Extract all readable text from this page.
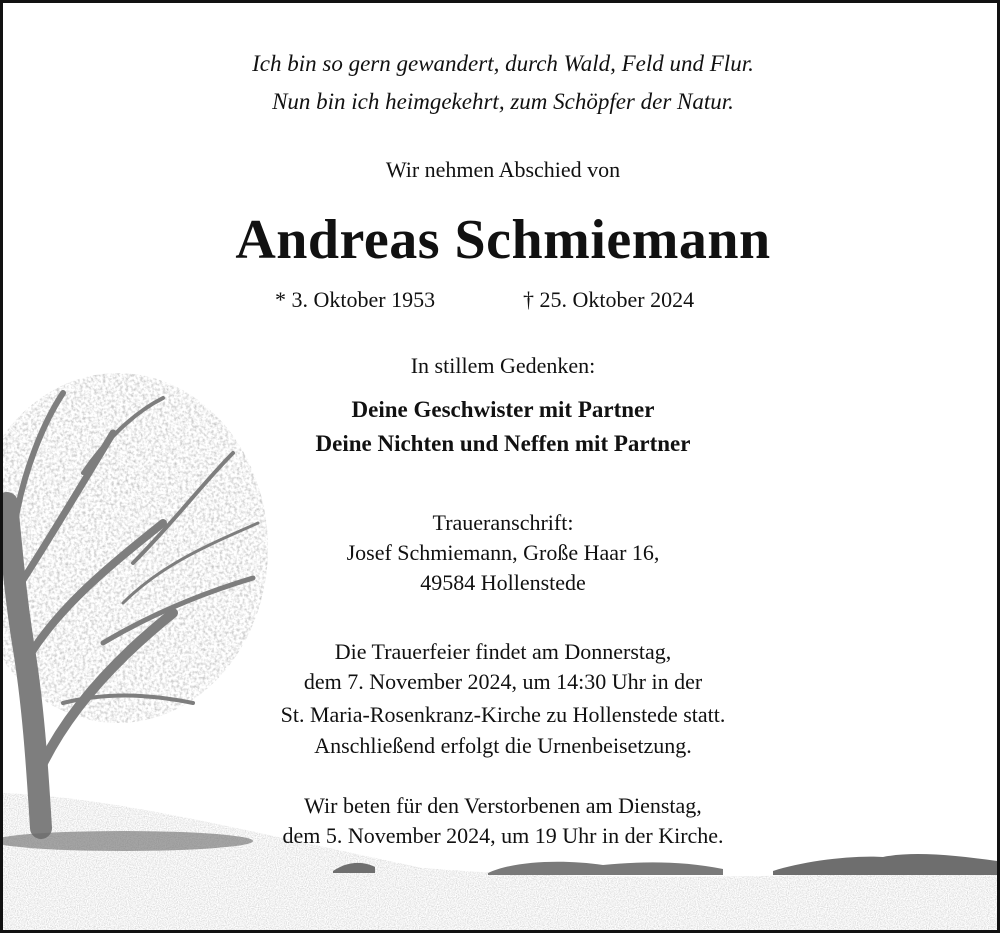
Ich bin so gern gewandert, durch Wald, Feld und Flur.
Nun bin ich heimgekehrt, zum Schöpfer der Natur.
Wir nehmen Abschied von
Andreas Schmiemann
* 3. Oktober 1953	† 25. Oktober 2024
In stillem Gedenken:
Deine Geschwister mit Partner
Deine Nichten und Neffen mit Partner
Traueranschrift:
Josef Schmiemann, Große Haar 16,
49584 Hollenstede
Die Trauerfeier findet am Donnerstag,
dem 7. November 2024, um 14:30 Uhr in der
St. Maria-Rosenkranz-Kirche zu Hollenstede statt.
Anschließend erfolgt die Urnenbeisetzung.
Wir beten für den Verstorbenen am Dienstag,
dem 5. November 2024, um 19 Uhr in der Kirche.
